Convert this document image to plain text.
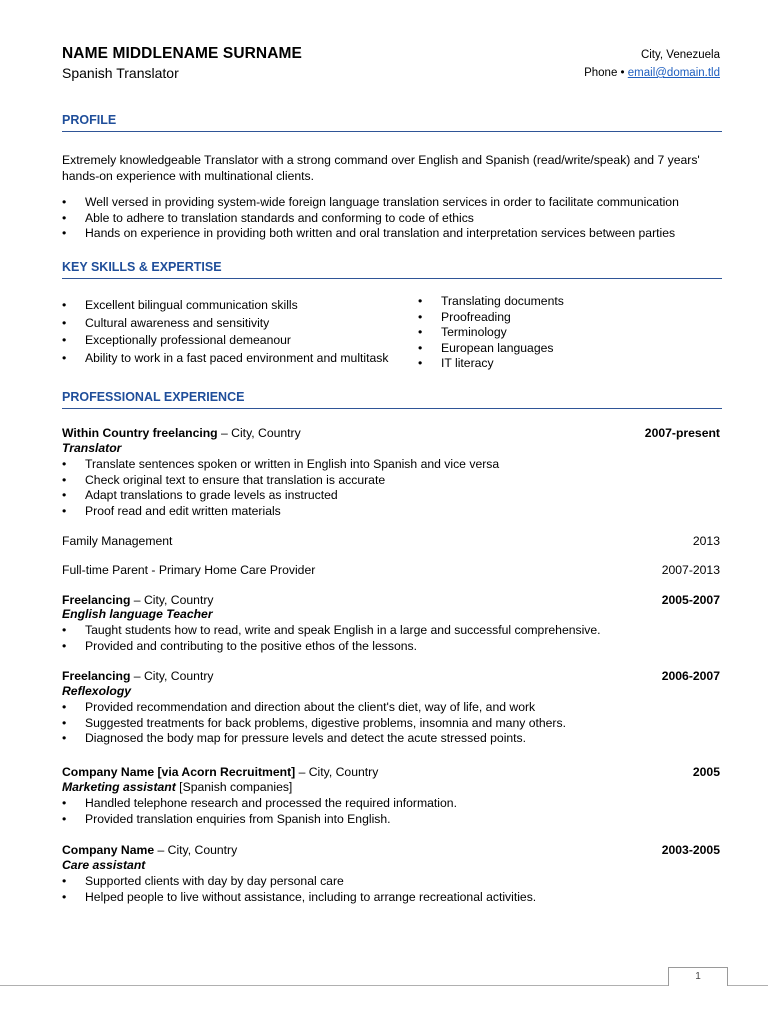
NAME MIDDLENAME SURNAME
Spanish Translator
City, Venezuela
Phone • email@domain.tld
PROFILE
Extremely knowledgeable Translator with a strong command over English and Spanish (read/write/speak) and 7 years' hands-on experience with multinational clients.
• Well versed in providing system-wide foreign language translation services in order to facilitate communication
• Able to adhere to translation standards and conforming to code of ethics
• Hands on experience in providing both written and oral translation and interpretation services between parties
KEY SKILLS & EXPERTISE
• Excellent bilingual communication skills
• Cultural awareness and sensitivity
• Exceptionally professional demeanour
• Ability to work in a fast paced environment and multitask
• Translating documents
• Proofreading
• Terminology
• European languages
• IT literacy
PROFESSIONAL EXPERIENCE
Within Country freelancing – City, Country	2007-present
Translator
• Translate sentences spoken or written in English into Spanish and vice versa
• Check original text to ensure that translation is accurate
• Adapt translations to grade levels as instructed
• Proof read and edit written materials
Family Management	2013
Full-time Parent - Primary Home Care Provider	2007-2013
Freelancing – City, Country	2005-2007
English language Teacher
• Taught students how to read, write and speak English in a large and successful comprehensive.
• Provided and contributing to the positive ethos of the lessons.
Freelancing – City, Country	2006-2007
Reflexology
• Provided recommendation and direction about the client's diet, way of life, and work
• Suggested treatments for back problems, digestive problems, insomnia and many others.
• Diagnosed the body map for pressure levels and detect the acute stressed points.
Company Name [via Acorn Recruitment] – City, Country	2005
Marketing assistant [Spanish companies]
• Handled telephone research and processed the required information.
• Provided translation enquiries from Spanish into English.
Company Name – City, Country	2003-2005
Care assistant
• Supported clients with day by day personal care
• Helped people to live without assistance, including to arrange recreational activities.
1
